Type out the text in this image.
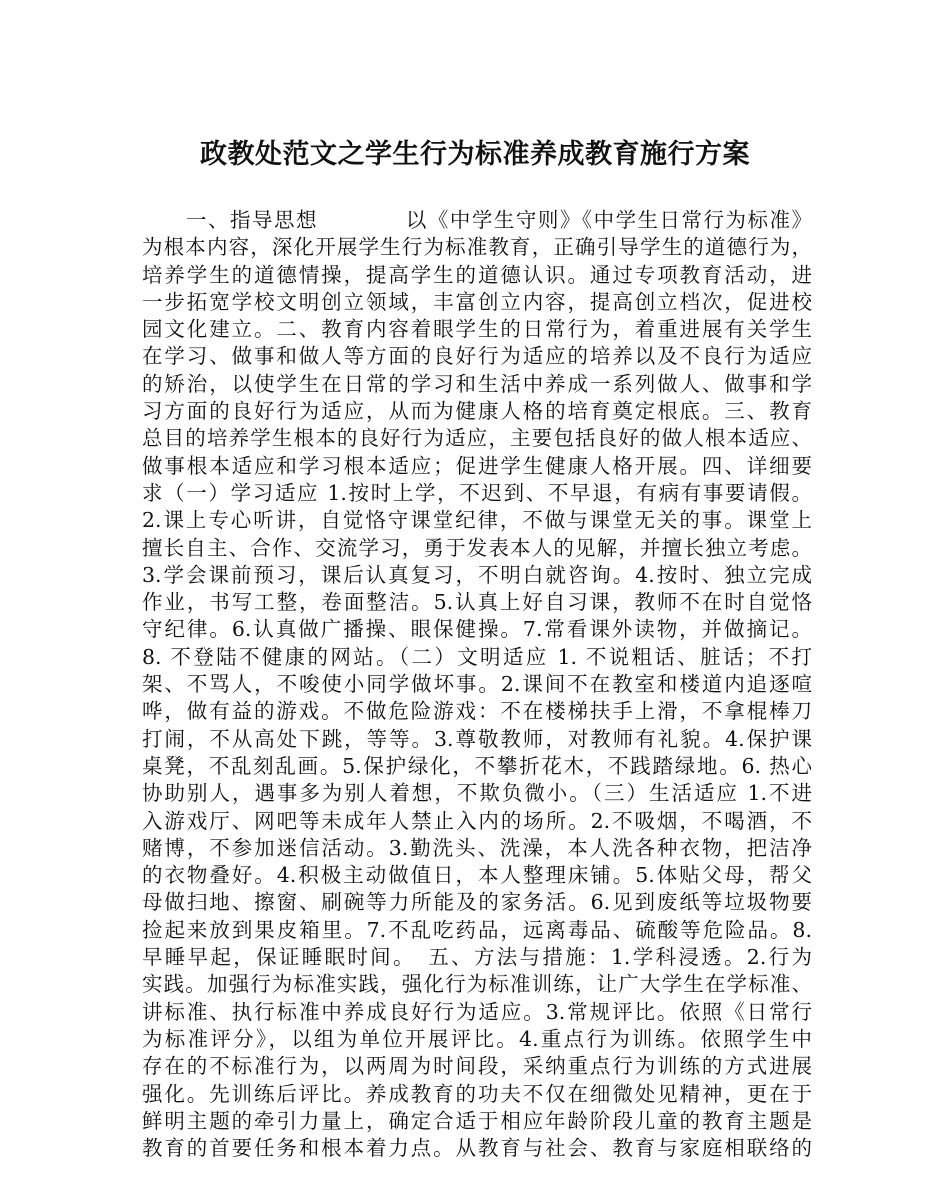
政教处范文之学生行为标准养成教育施行方案
　　一、指导思想　　　　以《中学生守则》《中学生日常行为标准》
为根本内容，深化开展学生行为标准教育，正确引导学生的道德行为，
培养学生的道德情操，提高学生的道德认识。通过专项教育活动，进
一步拓宽学校文明创立领域，丰富创立内容，提高创立档次，促进校
园文化建立。二、教育内容着眼学生的日常行为，着重进展有关学生
在学习、做事和做人等方面的良好行为适应的培养以及不良行为适应
的矫治，以使学生在日常的学习和生活中养成一系列做人、做事和学
习方面的良好行为适应，从而为健康人格的培育奠定根底。三、教育
总目的培养学生根本的良好行为适应，主要包括良好的做人根本适应、
做事根本适应和学习根本适应；促进学生健康人格开展。四、详细要
求（一）学习适应 1.按时上学，不迟到、不早退，有病有事要请假。
2.课上专心听讲，自觉恪守课堂纪律，不做与课堂无关的事。课堂上
擅长自主、合作、交流学习，勇于发表本人的见解，并擅长独立考虑。
3.学会课前预习，课后认真复习，不明白就咨询。4.按时、独立完成
作业，书写工整，卷面整洁。5.认真上好自习课，教师不在时自觉恪
守纪律。6.认真做广播操、眼保健操。7.常看课外读物，并做摘记。
8. 不登陆不健康的网站。（二）文明适应 1. 不说粗话、脏话；不打
架、不骂人，不唆使小同学做坏事。2.课间不在教室和楼道内追逐喧
哗，做有益的游戏。不做危险游戏：不在楼梯扶手上滑，不拿棍棒刀
打闹，不从高处下跳，等等。3.尊敬教师，对教师有礼貌。4.保护课
桌凳，不乱刻乱画。5.保护绿化，不攀折花木，不践踏绿地。6. 热心
协助别人，遇事多为别人着想，不欺负微小。（三）生活适应 1.不进
入游戏厅、网吧等未成年人禁止入内的场所。2.不吸烟，不喝酒，不
赌博，不参加迷信活动。3.勤洗头、洗澡，本人洗各种衣物，把洁净
的衣物叠好。4.积极主动做值日，本人整理床铺。5.体贴父母，帮父
母做扫地、擦窗、刷碗等力所能及的家务活。6.见到废纸等垃圾物要
捡起来放到果皮箱里。7.不乱吃药品，远离毒品、硫酸等危险品。8.
早睡早起，保证睡眠时间。　五、方法与措施：1.学科浸透。2.行为
实践。加强行为标准实践，强化行为标准训练，让广大学生在学标准、
讲标准、执行标准中养成良好行为适应。3.常规评比。依照《日常行
为标准评分》，以组为单位开展评比。4.重点行为训练。依照学生中
存在的不标准行为，以两周为时间段，采纳重点行为训练的方式进展
强化。先训练后评比。养成教育的功夫不仅在细微处见精神，更在于
鲜明主题的牵引力量上，确定合适于相应年龄阶段儿童的教育主题是
教育的首要任务和根本着力点。从教育与社会、教育与家庭相联络的
